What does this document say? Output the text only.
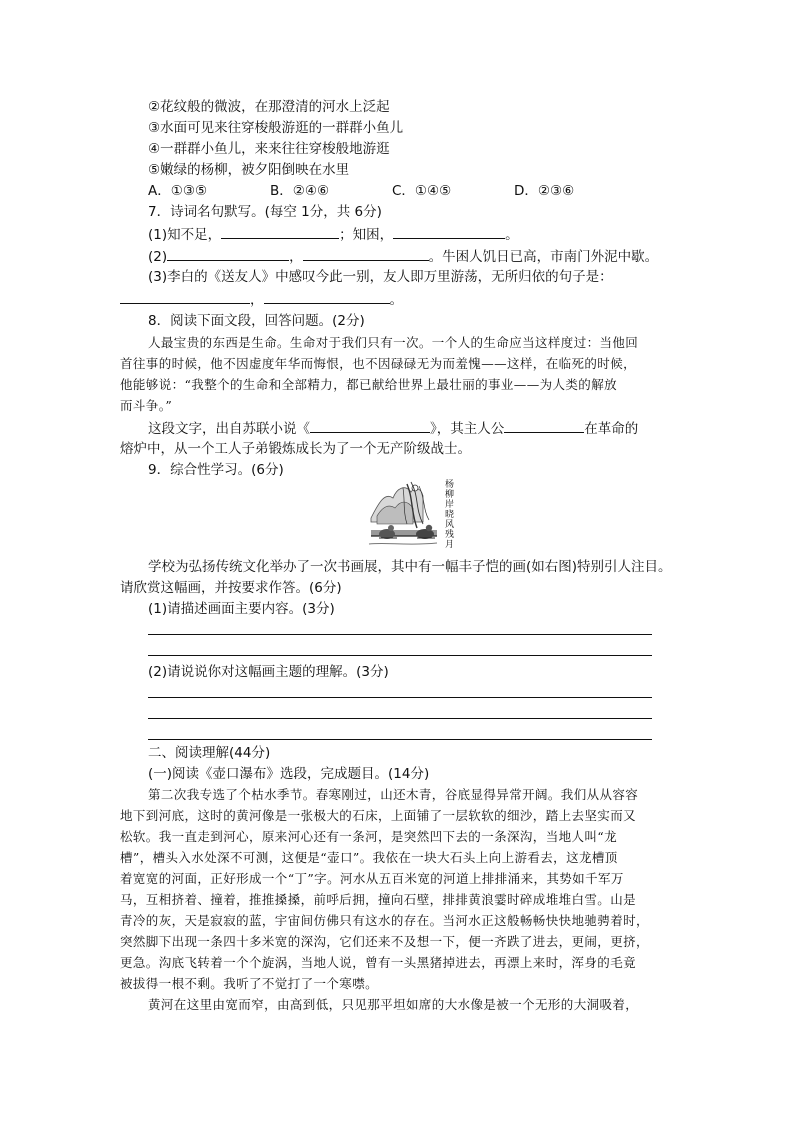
②花纹般的微波，在那澄清的河水上泛起
③水面可见来往穿梭般游逛的一群群小鱼儿
④一群群小鱼儿，来来往往穿梭般地游逛
⑤嫩绿的杨柳，被夕阳倒映在水里
A．①③⑤	B．②④⑥	C．①④⑤	D．②③⑥
7．诗词名句默写。(每空 1分，共 6分)
(1)知不足，	；知困，	。
(2)	，	。牛困人饥日已高，市南门外泥中歇。
(3)李白的《送友人》中感叹今此一别，友人即万里游荡，无所归依的句子是：
，	。
8．阅读下面文段，回答问题。(2分)
人最宝贵的东西是生命。生命对于我们只有一次。一个人的生命应当这样度过：当他回
首往事的时候，他不因虚度年华而悔恨，也不因碌碌无为而羞愧——这样，在临死的时候，
他能够说：“我整个的生命和全部精力，都已献给世界上最壮丽的事业——为人类的解放
而斗争。”
这段文字，出自苏联小说《	》，其主人公	在革命的
熔炉中，从一个工人子弟锻炼成长为了一个无产阶级战士。
9．综合性学习。(6分)
杨柳岸晓风残月
学校为弘扬传统文化举办了一次书画展，其中有一幅丰子恺的画(如右图)特别引人注目。
请欣赏这幅画，并按要求作答。(6分)
(1)请描述画面主要内容。(3分)
(2)请说说你对这幅画主题的理解。(3分)
二、阅读理解(44分)
(一)阅读《壶口瀑布》选段，完成题目。(14分)
第二次我专选了个枯水季节。春寒刚过，山还木青，谷底显得异常开阔。我们从从容容
地下到河底，这时的黄河像是一张极大的石床，上面铺了一层软软的细沙，踏上去坚实而又
松软。我一直走到河心，原来河心还有一条河，是突然凹下去的一条深沟，当地人叫“龙
槽”，槽头入水处深不可测，这便是“壶口”。我依在一块大石头上向上游看去，这龙槽顶
着宽宽的河面，正好形成一个“丁”字。河水从五百米宽的河道上排排涌来，其势如千军万
马，互相挤着、撞着，推推搡搡，前呼后拥，撞向石壁，排排黄浪霎时碎成堆堆白雪。山是
青冷的灰，天是寂寂的蓝，宇宙间仿佛只有这水的存在。当河水正这般畅畅快快地驰骋着时，
突然脚下出现一条四十多米宽的深沟，它们还来不及想一下，便一齐跌了进去，更闹，更挤，
更急。沟底飞转着一个个旋涡，当地人说，曾有一头黑猪掉进去，再漂上来时，浑身的毛竟
被拔得一根不剩。我听了不觉打了一个寒噤。
黄河在这里由宽而窄，由高到低，只见那平坦如席的大水像是被一个无形的大洞吸着，
